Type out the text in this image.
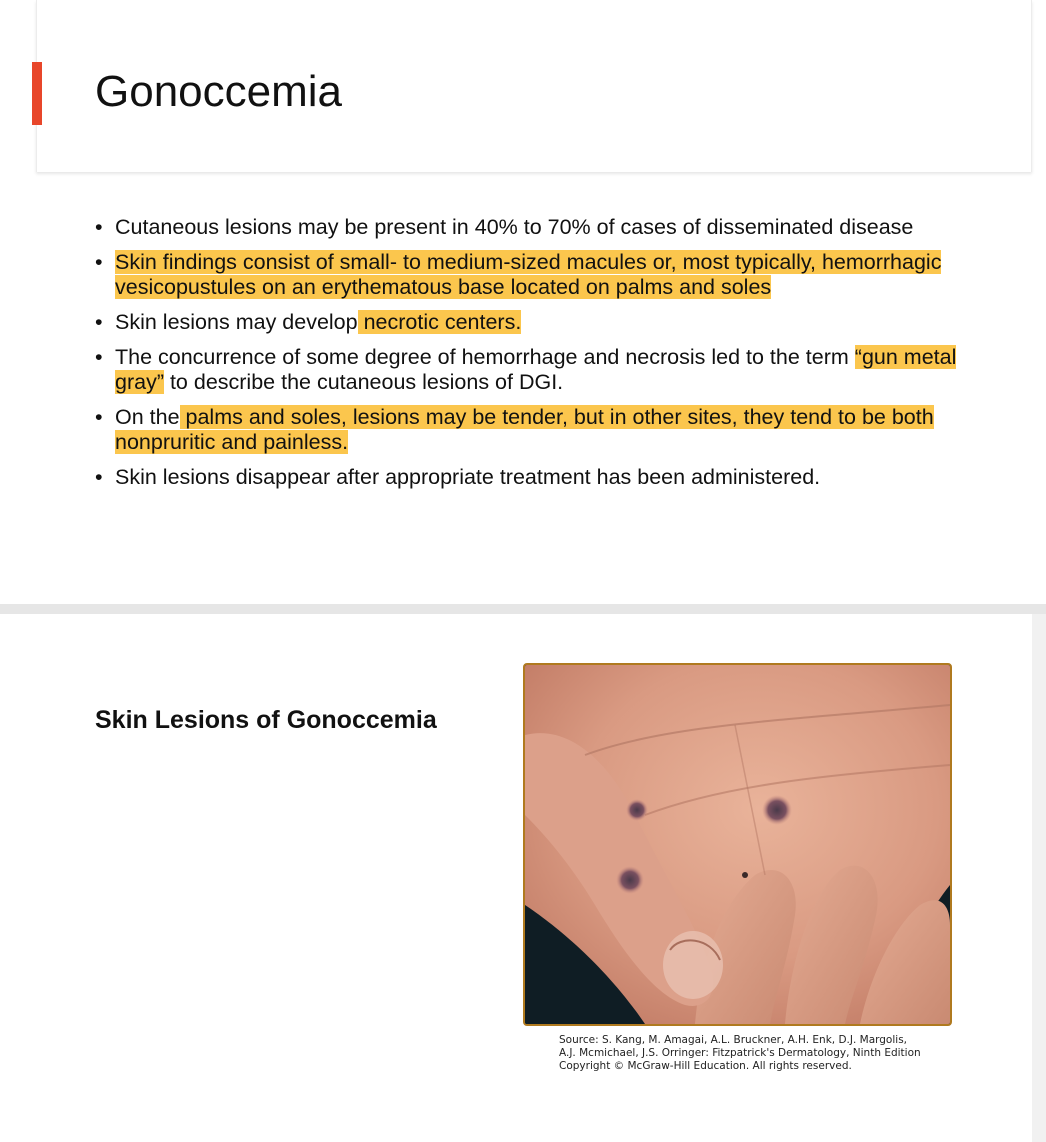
Gonoccemia
• Cutaneous lesions may be present in 40% to 70% of cases of disseminated disease
• Skin findings consist of small- to medium-sized macules or, most typically, hemorrhagic vesicopustules on an erythematous base located on palms and soles
• Skin lesions may develop necrotic centers.
• The concurrence of some degree of hemorrhage and necrosis led to the term “gun metal gray” to describe the cutaneous lesions of DGI.
• On the palms and soles, lesions may be tender, but in other sites, they tend to be both nonpruritic and painless.
• Skin lesions disappear after appropriate treatment has been administered.
Skin Lesions of Gonoccemia
Source: S. Kang, M. Amagai, A.L. Bruckner, A.H. Enk, D.J. Margolis,
A.J. Mcmichael, J.S. Orringer: Fitzpatrick's Dermatology, Ninth Edition
Copyright © McGraw-Hill Education. All rights reserved.
